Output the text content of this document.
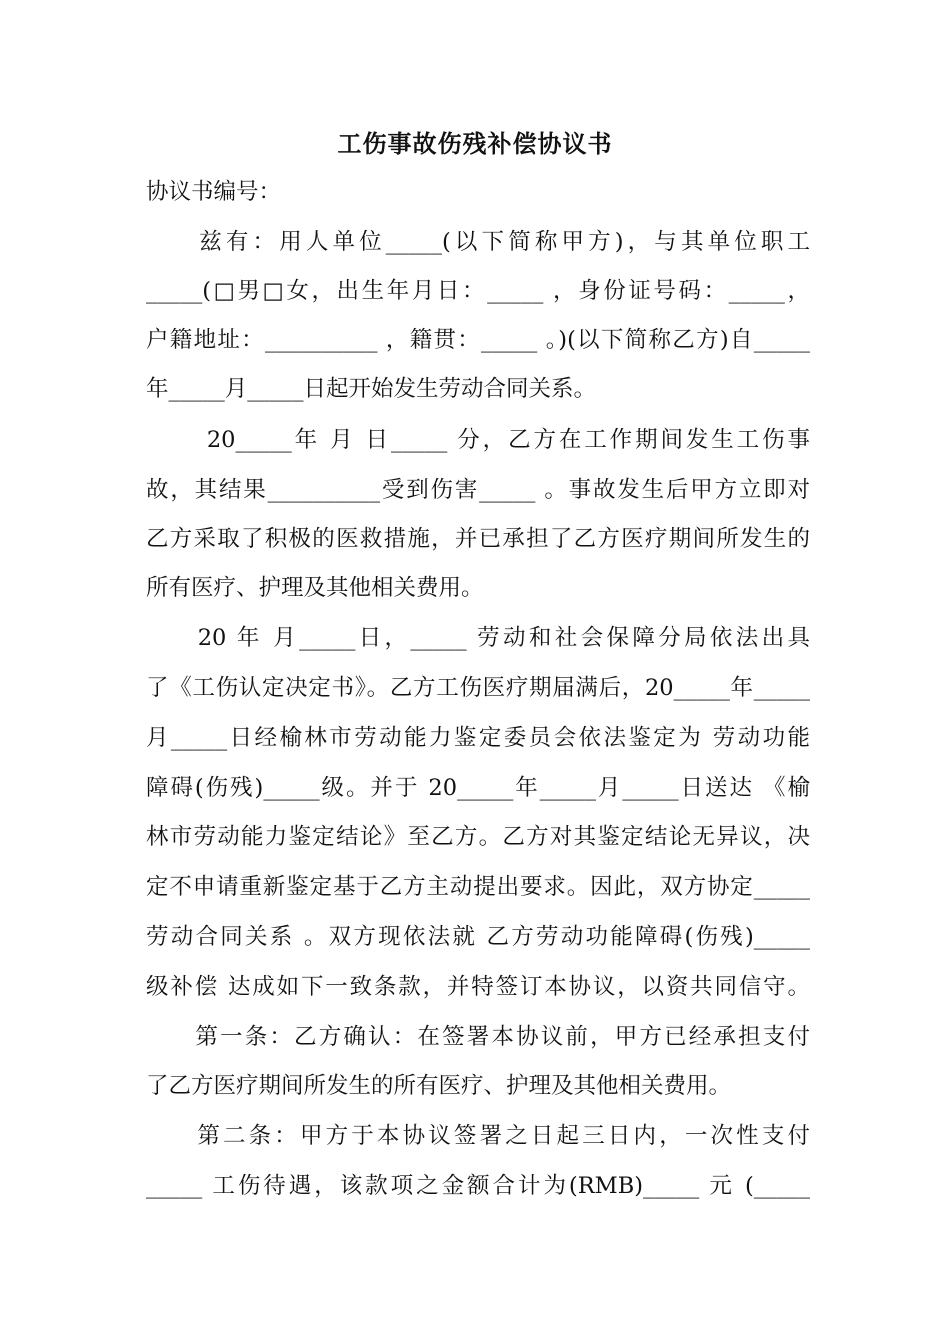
工伤事故伤残补偿协议书
协议书编号：
　　兹有：用人单位_____(以下简称甲方)，与其单位职工
_____(□男□女，出生年月日：_____ ，身份证号码：_____，
户籍地址：__________ ，籍贯：_____ 。)(以下简称乙方)自_____
年_____月_____日起开始发生劳动合同关系。
　　 20_____年 月 日_____ 分，乙方在工作期间发生工伤事
故，其结果__________受到伤害_____ 。事故发生后甲方立即对
乙方采取了积极的医救措施，并已承担了乙方医疗期间所发生的
所有医疗、护理及其他相关费用。
　　20 年 月_____日，_____ 劳动和社会保障分局依法出具
了《工伤认定决定书》。乙方工伤医疗期届满后，20_____年_____
月_____日经榆林市劳动能力鉴定委员会依法鉴定为 劳动功能
障碍(伤残)_____级。并于 20_____年_____月_____日送达 《榆
林市劳动能力鉴定结论》至乙方。乙方对其鉴定结论无异议，决
定不申请重新鉴定基于乙方主动提出要求。因此，双方协定_____
劳动合同关系 。双方现依法就 乙方劳动功能障碍(伤残)_____
级补偿 达成如下一致条款，并特签订本协议，以资共同信守。
　　第一条：乙方确认：在签署本协议前，甲方已经承担支付
了乙方医疗期间所发生的所有医疗、护理及其他相关费用。
　　第二条：甲方于本协议签署之日起三日内，一次性支付
_____ 工伤待遇，该款项之金额合计为(RMB)_____ 元 (_____
